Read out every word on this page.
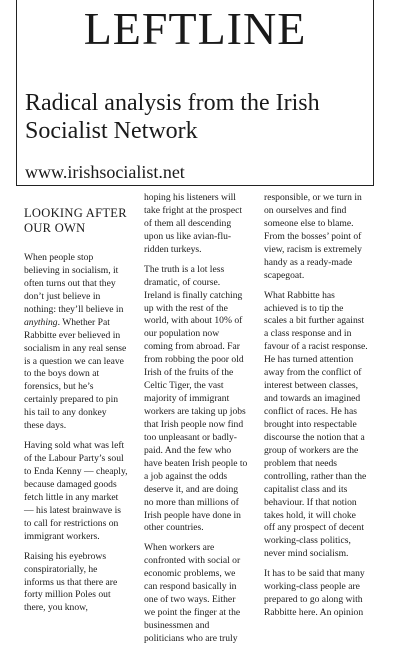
LEFTLINE
Radical analysis from the Irish Socialist Network
www.irishsocialist.net
LOOKING AFTER OUR OWN

When people stop believing in socialism, it often turns out that they don’t just believe in nothing: they’ll believe in anything. Whether Pat Rabbitte ever believed in socialism in any real sense is a question we can leave to the boys down at forensics, but he’s certainly prepared to pin his tail to any donkey these days.

Having sold what was left of the Labour Party’s soul to Enda Kenny — cheaply, because damaged goods fetch little in any market — his latest brainwave is to call for restrictions on immigrant workers.

Raising his eyebrows conspiratorially, he informs us that there are forty million Poles out there, you know,

hoping his listeners will take fright at the prospect of them all descending upon us like avian-flu-ridden turkeys.

The truth is a lot less dramatic, of course. Ireland is finally catching up with the rest of the world, with about 10% of our population now coming from abroad. Far from robbing the poor old Irish of the fruits of the Celtic Tiger, the vast majority of immigrant workers are taking up jobs that Irish people now find too unpleasant or badly-paid. And the few who have beaten Irish people to a job against the odds deserve it, and are doing no more than millions of Irish people have done in other countries.

When workers are confronted with social or economic problems, we can respond basically in one of two ways. Either we point the finger at the businessmen and politicians who are truly

responsible, or we turn in on ourselves and find someone else to blame. From the bosses’ point of view, racism is extremely handy as a ready-made scapegoat.

What Rabbitte has achieved is to tip the scales a bit further against a class response and in favour of a racist response. He has turned attention away from the conflict of interest between classes, and towards an imagined conflict of races. He has brought into respectable discourse the notion that a group of workers are the problem that needs controlling, rather than the capitalist class and its behaviour. If that notion takes hold, it will choke off any prospect of decent working-class politics, never mind socialism.

It has to be said that many working-class people are prepared to go along with Rabbitte here. An opinion
